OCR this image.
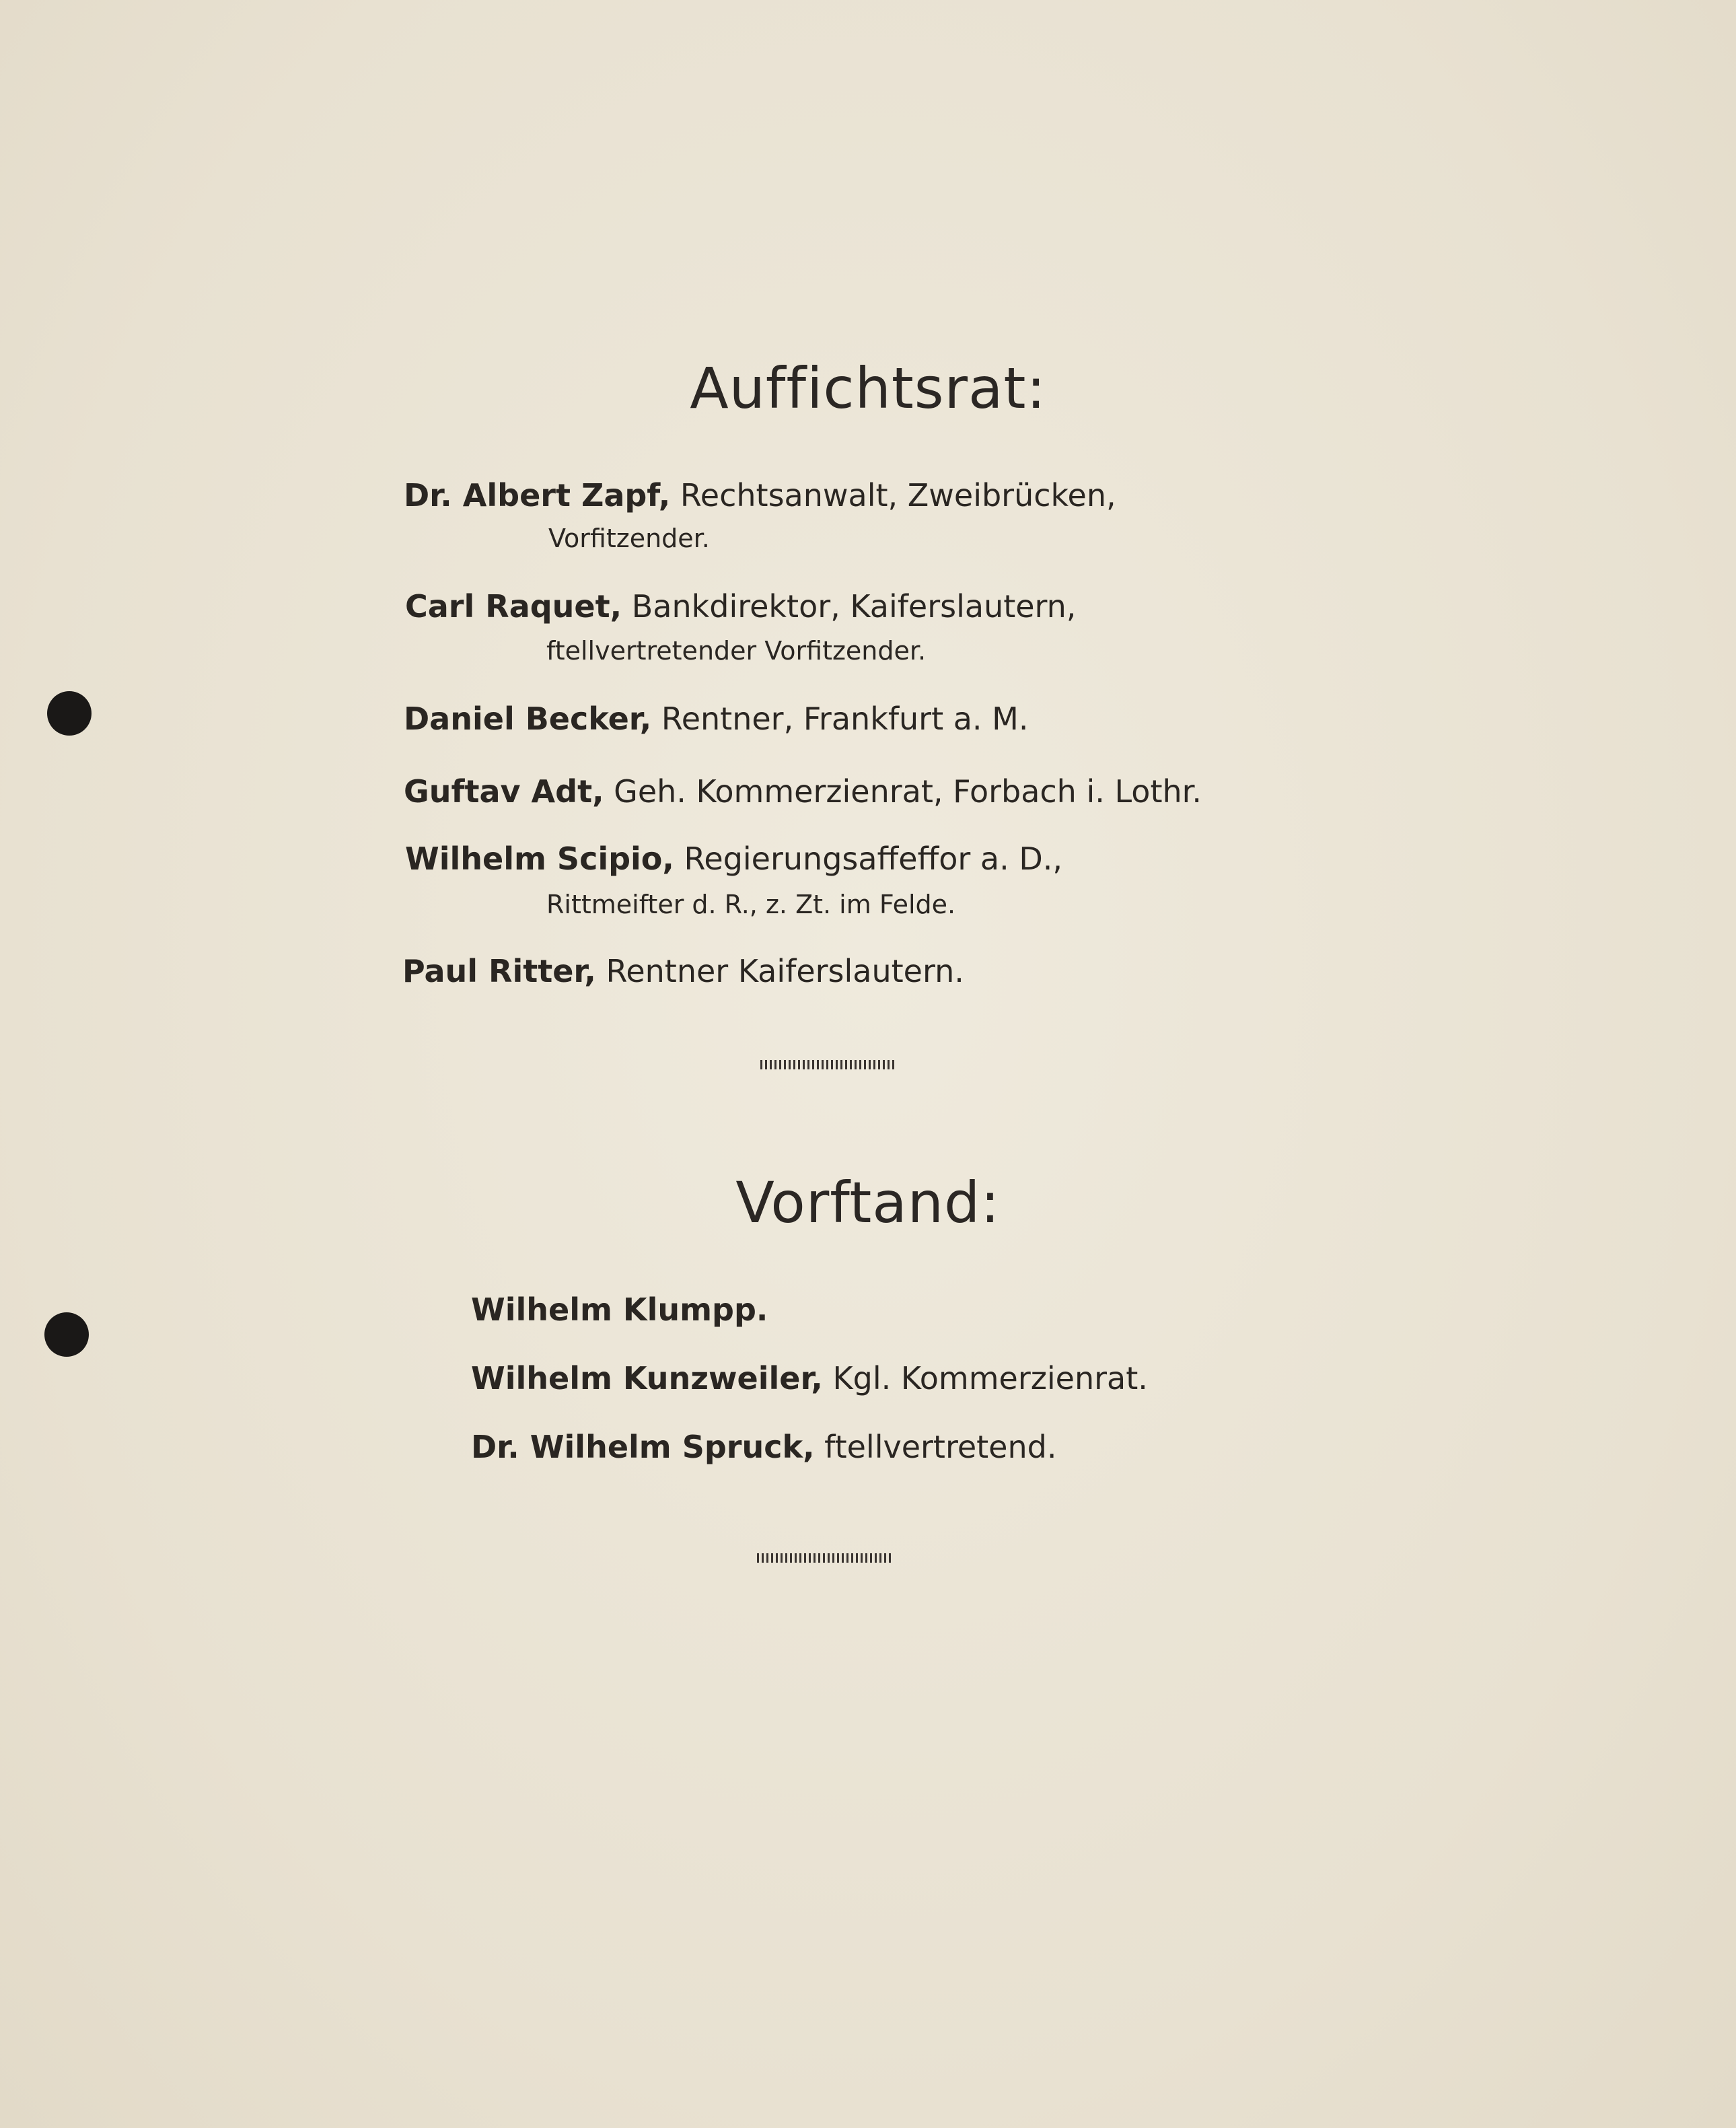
Auffichtsrat:
Dr. Albert Zapf, Rechtsanwalt, Zweibrücken,
Vorfitzender.
Carl Raquet, Bankdirektor, Kaiferslautern,
ftellvertretender Vorfitzender.
Daniel Becker, Rentner, Frankfurt a. M.
Guftav Adt, Geh. Kommerzienrat, Forbach i. Lothr.
Wilhelm Scipio, Regierungsaffeffor a. D.,
Rittmeifter d. R., z. Zt. im Felde.
Paul Ritter, Rentner Kaiferslautern.
Vorftand:
Wilhelm Klumpp.
Wilhelm Kunzweiler, Kgl. Kommerzienrat.
Dr. Wilhelm Spruck, ftellvertretend.
